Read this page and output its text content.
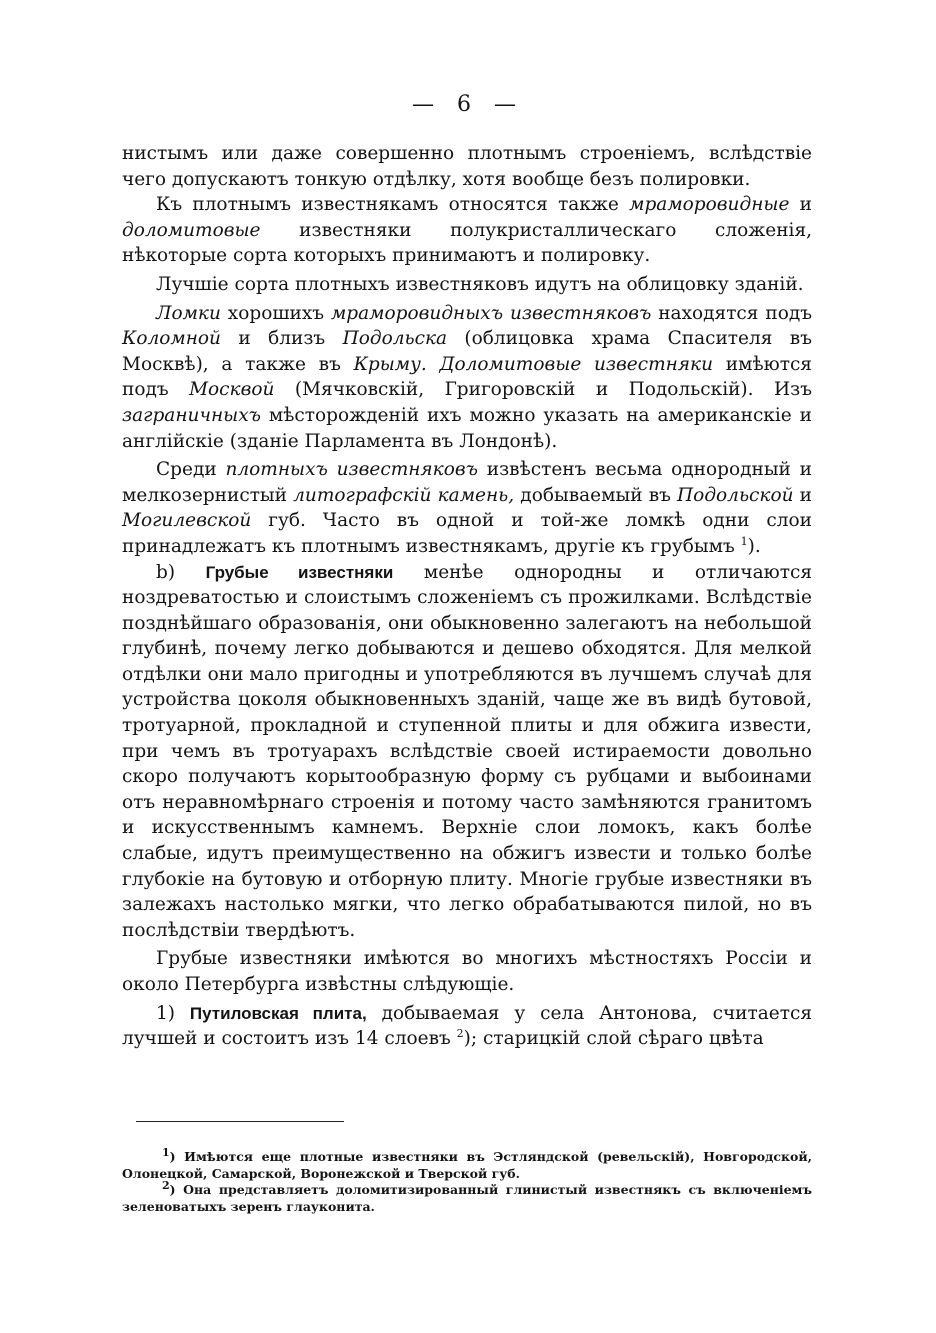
— 6 —

нистымъ или даже совершенно плотнымъ строеніемъ, вслѣдствіе чего допускаютъ тонкую отдѣлку, хотя вообще безъ полировки.

Къ плотнымъ известнякамъ относятся также мраморовидные и доломитовые известняки полукристаллическаго сложенія, нѣкоторые сорта которыхъ принимаютъ и полировку.

Лучшіе сорта плотныхъ известняковъ идутъ на облицовку зданій.

Ломки хорошихъ мраморовидныхъ известняковъ находятся подъ Коломной и близъ Подольска (облицовка храма Спасителя въ Москвѣ), а также въ Крыму. Доломитовые известняки имѣются подъ Москвой (Мячковскій, Григоровскій и Подольскій). Изъ заграничныхъ мѣсторожденій ихъ можно указать на американскіе и англійскіе (зданіе Парламента въ Лондонѣ).

Среди плотныхъ известняковъ извѣстенъ весьма однородный и мелкозернистый литографскій камень, добываемый въ Подольской и Могилевской губ. Часто въ одной и той-же ломкѣ одни слои принадлежатъ къ плотнымъ известнякамъ, другіе къ грубымъ $^1$).

b) Грубые известняки менѣе однородны и отличаются ноздреватостью и слоистымъ сложеніемъ съ прожилками. Вслѣдствіе позднѣйшаго образованія, они обыкновенно залегаютъ на небольшой глубинѣ, почему легко добываются и дешево обходятся. Для мелкой отдѣлки они мало пригодны и употребляются въ лучшемъ случаѣ для устройства цоколя обыкновенныхъ зданій, чаще же въ видѣ бутовой, тротуарной, прокладной и ступенной плиты и для обжига извести, при чемъ въ тротуарахъ вслѣдствіе своей истираемости довольно скоро получаютъ корытообразную форму съ рубцами и выбоинами отъ неравномѣрнаго строенія и потому часто замѣняются гранитомъ и искусственнымъ камнемъ. Верхніе слои ломокъ, какъ болѣе слабые, идутъ преимущественно на обжигъ извести и только болѣе глубокіе на бутовую и отборную плиту. Многіе грубые известняки въ залежахъ настолько мягки, что легко обрабатываются пилой, но въ послѣдствіи твердѣютъ.

Грубые известняки имѣются во многихъ мѣстностяхъ Россіи и около Петербурга извѣстны слѣдующіе.

1) Путиловская плита, добываемая у села Антонова, считается лучшей и состоитъ изъ 14 слоевъ $^2$); старицкій слой сѣраго цвѣта

$^1$) Имѣются еще плотные известняки въ Эстляндской (ревельскій), Новгородской, Олонецкой, Самарской, Воронежской и Тверской губ.

$^2$) Она представляетъ доломитизированный глинистый известнякъ съ включеніемъ зеленоватыхъ зеренъ глауконита.
